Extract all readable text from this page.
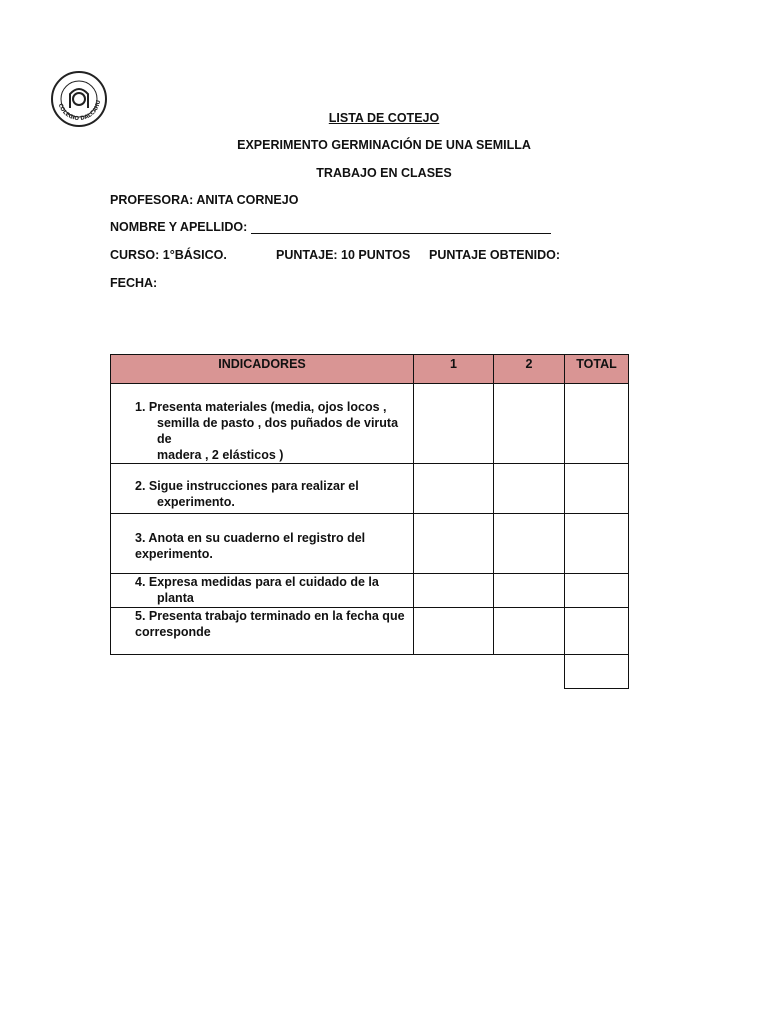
COLEGIO DALCAHU
LISTA DE COTEJO
EXPERIMENTO GERMINACIÓN DE UNA SEMILLA
TRABAJO EN CLASES
PROFESORA: ANITA CORNEJO
NOMBRE Y APELLIDO:
CURSO: 1°BÁSICO.	PUNTAJE: 10 PUNTOS PUNTAJE OBTENIDO:
FECHA:
INDICADORES	1	2	TOTAL

1. Presenta materiales (media, ojos locos ,
semilla de pasto , dos puñados de viruta de
madera , 2 elásticos )			

2. Sigue instrucciones para realizar el
experimento.			

3. Anota en su cuaderno el registro del
experimento.			

4. Expresa medidas para el cuidado de la
planta			

5. Presenta trabajo terminado en la fecha que
corresponde			
